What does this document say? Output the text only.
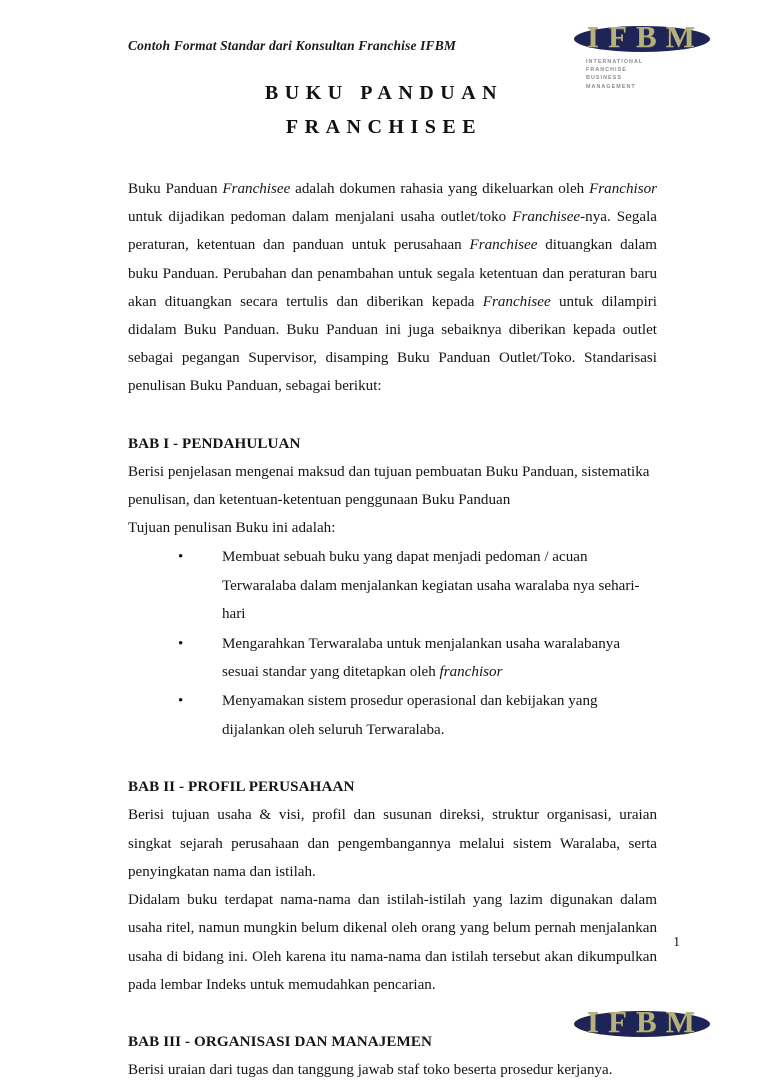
Contoh Format Standar dari Konsultan Franchise IFBM	I F B M
INTERNATIONAL
FRANCHISE
BUSINESS
MANAGEMENT
BUKU PANDUAN
FRANCHISEE

Buku Panduan Franchisee adalah dokumen rahasia yang dikeluarkan oleh Franchisor untuk dijadikan pedoman dalam menjalani usaha outlet/toko Franchisee-nya. Segala peraturan, ketentuan dan panduan untuk perusahaan Franchisee dituangkan dalam buku Panduan. Perubahan dan penambahan untuk segala ketentuan dan peraturan baru akan dituangkan secara tertulis dan diberikan kepada Franchisee untuk dilampiri didalam Buku Panduan. Buku Panduan ini juga sebaiknya diberikan kepada outlet sebagai pegangan Supervisor, disamping Buku Panduan Outlet/Toko. Standarisasi penulisan Buku Panduan, sebagai berikut:

BAB I - PENDAHULUAN

Berisi penjelasan mengenai maksud dan tujuan pembuatan Buku Panduan, sistematika

penulisan, dan ketentuan-ketentuan penggunaan Buku Panduan

Tujuan penulisan Buku ini adalah:

•	Membuat sebuah buku yang dapat menjadi pedoman / acuan Terwaralaba dalam menjalankan kegiatan usaha waralaba nya sehari-hari
•	Mengarahkan Terwaralaba untuk menjalankan usaha waralabanya sesuai standar yang ditetapkan oleh franchisor
•	Menyamakan sistem prosedur operasional dan kebijakan yang dijalankan oleh seluruh Terwaralaba.

BAB II - PROFIL PERUSAHAAN

Berisi tujuan usaha & visi, profil dan susunan direksi, struktur organisasi, uraian singkat sejarah perusahaan dan pengembangannya melalui sistem Waralaba, serta penyingkatan nama dan istilah.

Didalam buku terdapat nama-nama dan istilah-istilah yang lazim digunakan dalam usaha ritel, namun mungkin belum dikenal oleh orang yang belum pernah menjalankan usaha di bidang ini. Oleh karena itu nama-nama dan istilah tersebut akan dikumpulkan pada lembar Indeks untuk memudahkan pencarian.

BAB III - ORGANISASI DAN MANAJEMEN

Berisi uraian dari tugas dan tanggung jawab staf toko beserta prosedur kerjanya.

1
I F B M
